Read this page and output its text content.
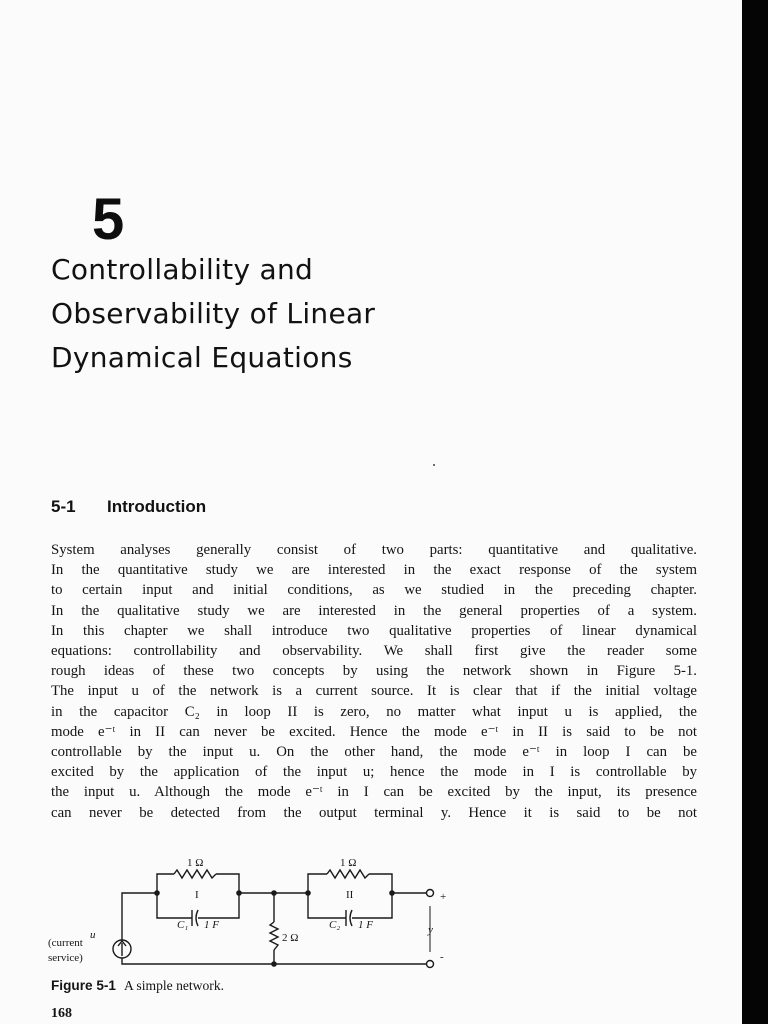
5
Controllability and
Observability of Linear
Dynamical Equations
5-1 Introduction
System analyses generally consist of two parts: quantitative and qualitative.
In the quantitative study we are interested in the exact response of the system
to certain input and initial conditions, as we studied in the preceding chapter.
In the qualitative study we are interested in the general properties of a system.
In this chapter we shall introduce two qualitative properties of linear dynamical
equations: controllability and observability. We shall first give the reader some
rough ideas of these two concepts by using the network shown in Figure 5-1.
The input u of the network is a current source. It is clear that if the initial voltage
in the capacitor C₂ in loop II is zero, no matter what input u is applied, the
mode e⁻ᵗ in II can never be excited. Hence the mode e⁻ᵗ in II is said to be not
controllable by the input u. On the other hand, the mode e⁻ᵗ in loop I can be
excited by the application of the input u; hence the mode in I is controllable by
the input u. Although the mode e⁻ᵗ in I can be excited by the input, its presence
can never be detected from the output terminal y. Hence it is said to be not
1 Ω	1 Ω
I	II
C₁ 1 F	C₂ 1 F
2 Ω
u
(current
service)
y
+
-
Figure 5-1 A simple network.
168
